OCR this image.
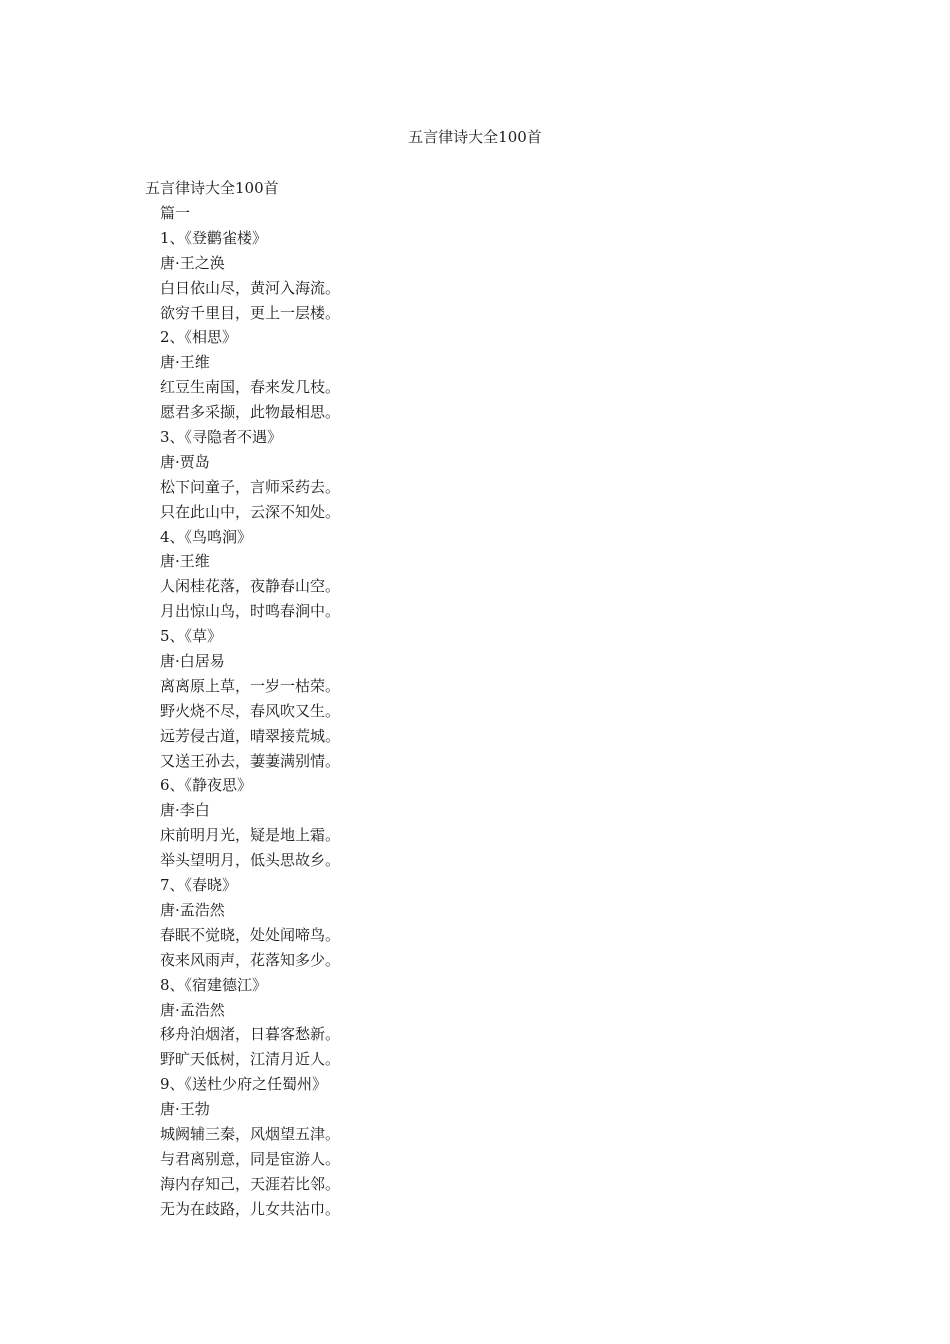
五言律诗大全100首
五言律诗大全100首
篇一
1、《登鹳雀楼》
唐·王之涣
白日依山尽，黄河入海流。
欲穷千里目，更上一层楼。
2、《相思》
唐·王维
红豆生南国，春来发几枝。
愿君多采撷，此物最相思。
3、《寻隐者不遇》
唐·贾岛
松下问童子，言师采药去。
只在此山中，云深不知处。
4、《鸟鸣涧》
唐·王维
人闲桂花落，夜静春山空。
月出惊山鸟，时鸣春涧中。
5、《草》
唐·白居易
离离原上草，一岁一枯荣。
野火烧不尽，春风吹又生。
远芳侵古道，晴翠接荒城。
又送王孙去，萋萋满别情。
6、《静夜思》
唐·李白
床前明月光，疑是地上霜。
举头望明月，低头思故乡。
7、《春晓》
唐·孟浩然
春眠不觉晓，处处闻啼鸟。
夜来风雨声，花落知多少。
8、《宿建德江》
唐·孟浩然
移舟泊烟渚，日暮客愁新。
野旷天低树，江清月近人。
9、《送杜少府之任蜀州》
唐·王勃
城阙辅三秦，风烟望五津。
与君离别意，同是宦游人。
海内存知己，天涯若比邻。
无为在歧路，儿女共沾巾。
